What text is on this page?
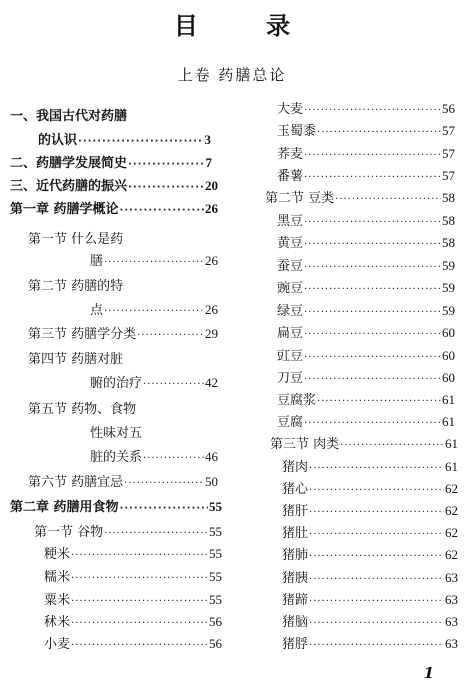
目 录
上卷 药膳总论
一、我国古代对药膳
的认识 ·····	3
二、药膳学发展简史 ·····	7
三、近代药膳的振兴 ·····	20
第一章 药膳学概论 ·····	26
第一节 什么是药
膳 ·····	26
第二节 药膳的特
点 ·····	26
第三节 药膳学分类 ·····	29
第四节 药膳对脏
腑的治疗 ·····	42
第五节 药物、食物
性味对五
脏的关系 ·····	46
第六节 药膳宜忌 ·····	50
第二章 药膳用食物 ·····	55
第一节 谷物 ·····	55
粳米 ·····	55
糯米 ·····	55
粟米 ·····	55
秫米 ·····	56
小麦 ·····	56
大麦 ·····	56
玉蜀黍 ·····	57
荞麦 ·····	57
番薯 ·····	57
第二节 豆类 ·····	58
黑豆 ·····	58
黄豆 ·····	58
蚕豆 ·····	59
豌豆 ·····	59
绿豆 ·····	59
扁豆 ·····	60
豇豆 ·····	60
刀豆 ·····	60
豆腐浆 ·····	61
豆腐 ·····	61
第三节 肉类 ·····	61
猪肉 ·····	61
猪心 ·····	62
猪肝 ·····	62
猪肚 ·····	62
猪肺 ·····	62
猪胰 ·····	63
猪蹄 ·····	63
猪脑 ·····	63
猪脬 ·····	63
1
